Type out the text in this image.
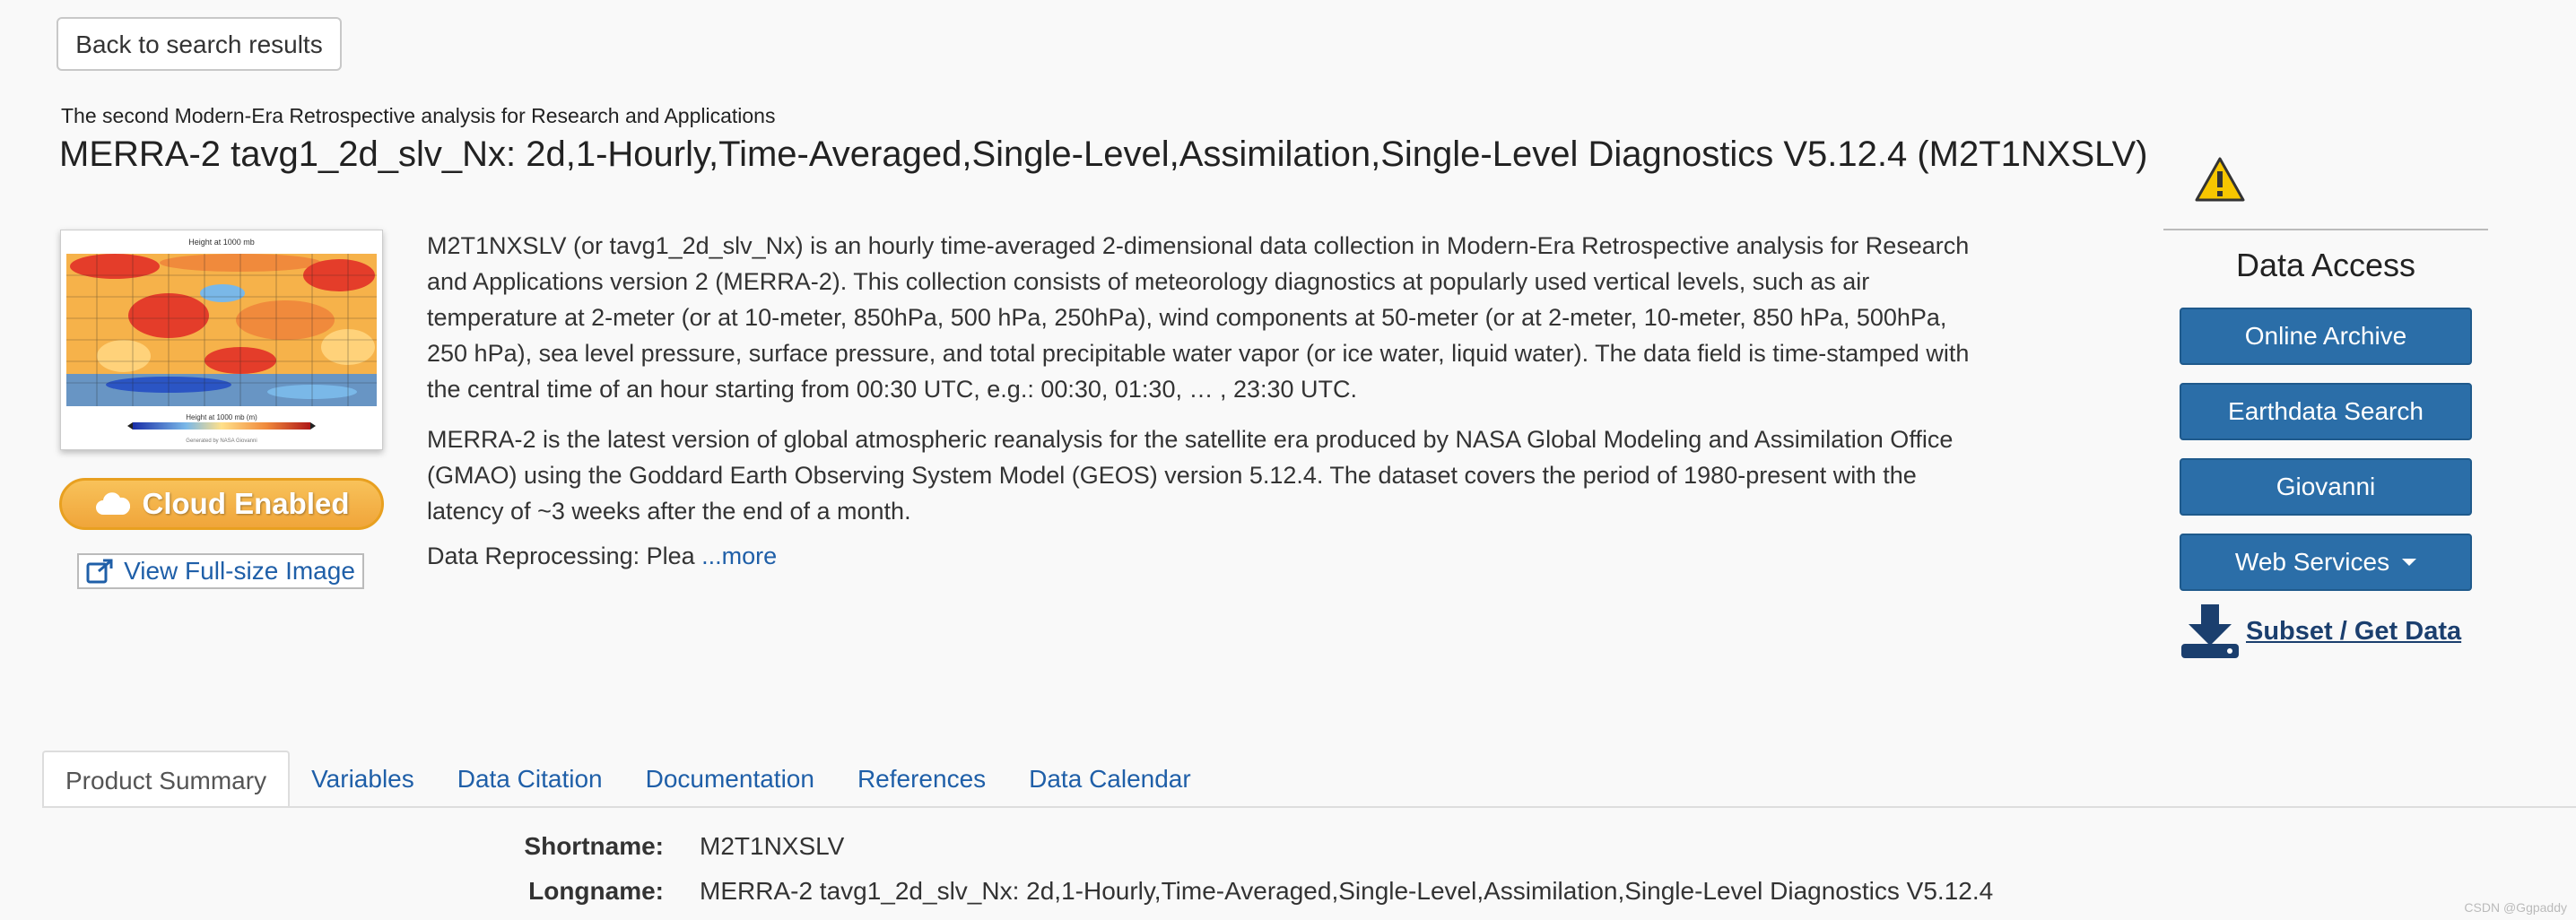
Back to search results
The second Modern-Era Retrospective analysis for Research and Applications
MERRA-2 tavg1_2d_slv_Nx: 2d,1-Hourly,Time-Averaged,Single-Level,Assimilation,Single-Level Diagnostics V5.12.4 (M2T1NXSLV)
Height at 1000 mb
Height at 1000 mb (m)
Generated by NASA Giovanni
Cloud Enabled
View Full-size Image

M2T1NXSLV (or tavg1_2d_slv_Nx) is an hourly time-averaged 2-dimensional data collection in Modern-Era Retrospective analysis for Research and Applications version 2 (MERRA-2). This collection consists of meteorology diagnostics at popularly used vertical levels, such as air temperature at 2-meter (or at 10-meter, 850hPa, 500 hPa, 250hPa), wind components at 50-meter (or at 2-meter, 10-meter, 850 hPa, 500hPa, 250 hPa), sea level pressure, surface pressure, and total precipitable water vapor (or ice water, liquid water). The data field is time-stamped with the central time of an hour starting from 00:30 UTC, e.g.: 00:30, 01:30, … , 23:30 UTC.

MERRA-2 is the latest version of global atmospheric reanalysis for the satellite era produced by NASA Global Modeling and Assimilation Office (GMAO) using the Goddard Earth Observing System Model (GEOS) version 5.12.4. The dataset covers the period of 1980-present with the latency of ~3 weeks after the end of a month.

Data Reprocessing: Plea ...more

Data Access
Online Archive
Earthdata Search
Giovanni
Web Services
Subset / Get Data
Product Summary	Variables	Data Citation	Documentation	References	Data Calendar
Shortname: M2T1NXSLV
Longname: MERRA-2 tavg1_2d_slv_Nx: 2d,1-Hourly,Time-Averaged,Single-Level,Assimilation,Single-Level Diagnostics V5.12.4
CSDN @Ggpaddy
